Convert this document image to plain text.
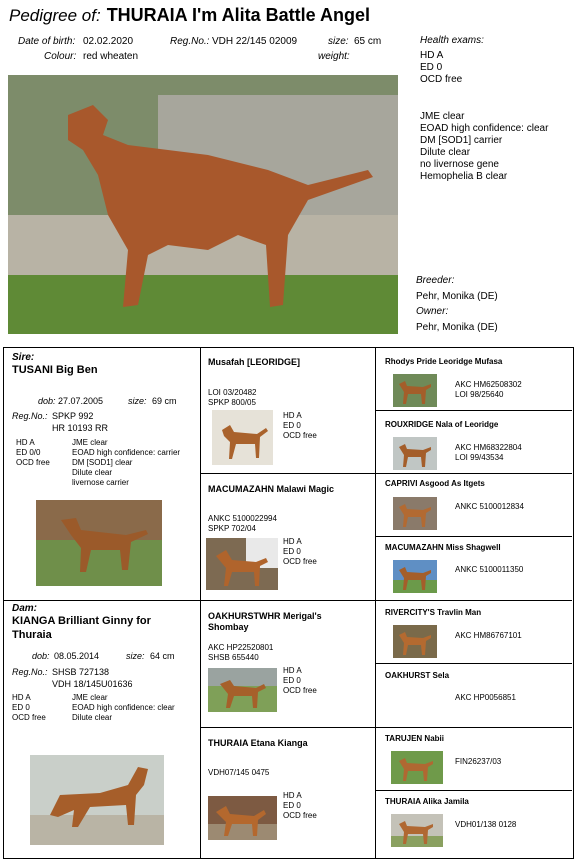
Pedigree of: THURAIA I'm Alita Battle Angel
Date of birth: 02.02.2020	Reg.No.: VDH 22/145 02009	size: 65 cm
Colour: red wheaten	weight:
Health exams:
HD A
ED 0
OCD free
JME clear
EOAD high confidence: clear
DM [SOD1] carrier
Dilute clear
no livernose gene
Hemophelia B clear
Breeder:
Pehr, Monika (DE)
Owner:
Pehr, Monika (DE)
Sire:
TUSANI Big Ben
dob: 27.07.2005	size: 69 cm
Reg.No.: SPKP 992
HR 10193 RR
HD A
ED 0/0
OCD free
JME clear
EOAD high confidence: carrier
DM [SOD1] clear
Dilute clear
livernose carrier
Dam:
KIANGA Brilliant Ginny for
Thuraia
dob: 08.05.2014	size: 64 cm
Reg.No.: SHSB 727138
VDH 18/145U01636
HD A
ED 0
OCD free
JME clear
EOAD high confidence: clear
Dilute clear
Musafah [LEORIDGE]
LOI 03/20482
SPKP 800/05
HD A
ED 0
OCD free
MACUMAZAHN Malawi Magic
ANKC 5100022994
SPKP 702/04
HD A
ED 0
OCD free
OAKHURSTWHR Merigal's
Shombay
AKC HP22520801
SHSB 655440
HD A
ED 0
OCD free
THURAIA Etana Kianga
VDH07/145 0475
HD A
ED 0
OCD free
Rhodys Pride Leoridge Mufasa
AKC HM62508302
LOI 98/25640
ROUXRIDGE Nala of Leoridge
AKC HM68322804
LOI 99/43534
CAPRIVI Asgood As Itgets
ANKC 5100012834
MACUMAZAHN Miss Shagwell
ANKC 5100011350
RIVERCITY'S Travlin Man
AKC HM86767101
OAKHURST Sela
AKC HP0056851
TARUJEN Nabii
FIN26237/03
THURAIA Alika Jamila
VDH01/138 0128
